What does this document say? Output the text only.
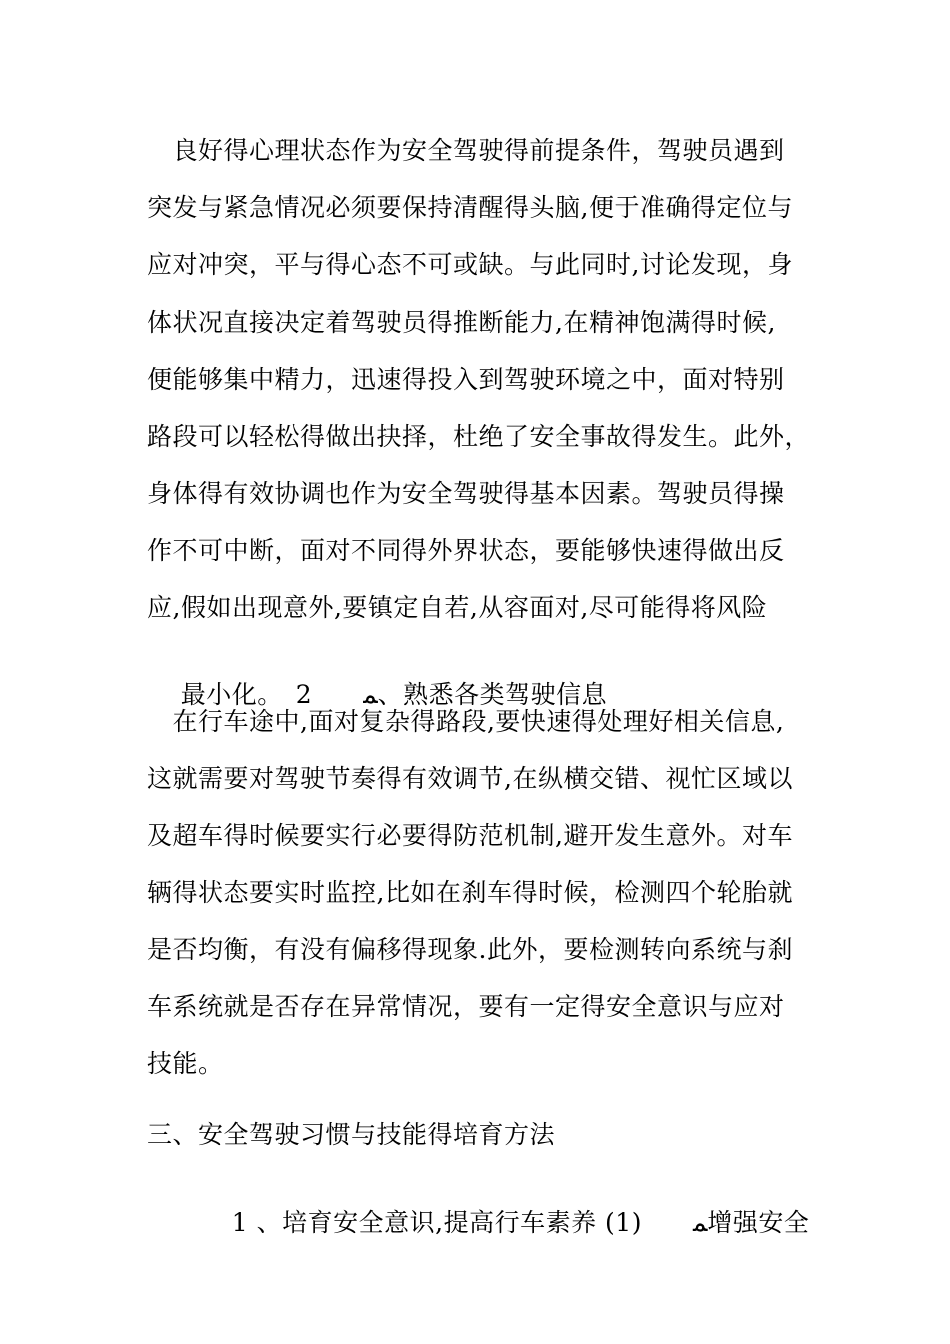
　良好得心理状态作为安全驾驶得前提条件，驾驶员遇到
突发与紧急情况必须要保持清醒得头脑,便于准确得定位与
应对冲突，平与得心态不可或缺。与此同时,讨论发现，身
体状况直接决定着驾驶员得推断能力,在精神饱满得时候,
便能够集中精力，迅速得投入到驾驶环境之中，面对特别
路段可以轻松得做出抉择，杜绝了安全事故得发生。此外，
身体得有效协调也作为安全驾驶得基本因素。驾驶员得操
作不可中断，面对不同得外界状态，要能够快速得做出反
应,假如出现意外,要镇定自若,从容面对,尽可能得将风险

最小化。　2　　ﻤ、熟悉各类驾驶信息

　在行车途中,面对复杂得路段,要快速得处理好相关信息,
这就需要对驾驶节奏得有效调节,在纵横交错、视忙区域以
及超车得时候要实行必要得防范机制,避开发生意外。对车
辆得状态要实时监控,比如在刹车得时候，检测四个轮胎就
是否均衡，有没有偏移得现象.此外，要检测转向系统与刹
车系统就是否存在异常情况，要有一定得安全意识与应对
技能。
三、安全驾驶习惯与技能得培育方法

　　1 、培育安全意识,提高行车素养 (1)　　ﻤ增强安全
